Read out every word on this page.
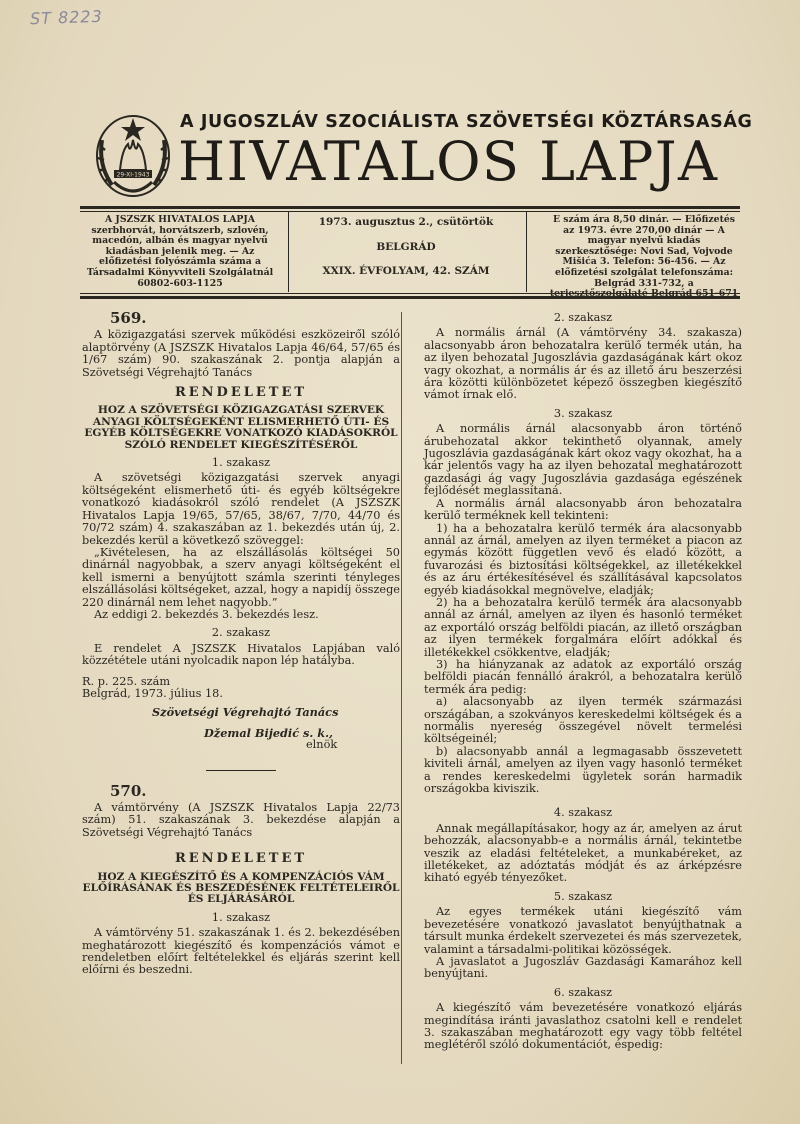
ST 8223
29-XI-1943
A JUGOSZLÁV SZOCIÁLISTA SZÖVETSÉGI KÖZTÁRSASÁG
HIVATALOS LAPJA
A JSZSZK HIVATALOS LAPJA szerbhorvát, horvátszerb, szlovén, macedón, albán és magyar nyelvű kiadásban jelenik meg. — Az előfizetési folyószámla száma a Társadalmi Könyvviteli Szolgálatnál 60802-603-1125
1973. augusztus 2., csütörtök
BELGRÁD
XXIX. ÉVFOLYAM, 42. SZÁM
E szám ára 8,50 dinár. — Előfizetés az 1973. évre 270,00 dinár — A magyar nyelvű kiadás szerkesztősége: Novi Sad, Vojvode Mišića 3. Telefon: 56-456. — Az előfizetési szolgálat telefonszáma: Belgrád 331-732, a
569.

A közigazgatási szervek működési eszközeiről szóló alaptörvény (A JSZSZK Hivatalos Lapja 46/64, 57/65 és 1/67 szám) 90. szakaszának 2. pontja alapján a Szövetségi Végrehajtó Tanács

RENDELETET
HOZ A SZÖVETSÉGI KÖZIGAZGATÁSI SZERVEK ANYAGI KÖLTSÉGEKÉNT ELISMERHETŐ ÚTI- ÉS EGYÉB KÖLTSÉGEKRE VONATKOZÓ KIADÁSOKRÓL SZÓLÓ RENDELET KIEGÉSZÍTÉSÉRŐL
1. szakasz

A szövetségi közigazgatási szervek anyagi költségeként elismerhető úti- és egyéb költségekre vonatkozó kiadásokról szóló rendelet (A JSZSZK Hivatalos Lapja 19/65, 57/65, 38/67, 7/70, 44/70 és 70/72 szám) 4. szakaszában az 1. bekezdés után új, 2. bekezdés kerül a következő szöveggel:

„Kivételesen, ha az elszállásolás költségei 50 dinárnál nagyobbak, a szerv anyagi költségeként el kell ismerni a benyújtott számla szerinti tényleges elszállásolási költségeket, azzal, hogy a napidíj összege 220 dinárnál nem lehet nagyobb.”

Az eddigi 2. bekezdés 3. bekezdés lesz.

2. szakasz

E rendelet A JSZSZK Hivatalos Lapjában való közzététele utáni nyolcadik napon lép hatályba.

R. p. 225. szám

Belgrád, 1973. július 18.

Szövetségi Végrehajtó Tanács
Džemal Bijedić s. k.,
elnök
570.

A vámtörvény (A JSZSZK Hivatalos Lapja 22/73 szám) 51. szakaszának 3. bekezdése alapján a Szövetségi Végrehajtó Tanács

RENDELETET
HOZ A KIEGÉSZÍTŐ ÉS A KOMPENZÁCIÓS VÁM ELŐÍRÁSÁNAK ÉS BESZEDÉSÉNEK FELTÉTELEIRŐL ÉS ELJÁRÁSÁRÓL
1. szakasz

A vámtörvény 51. szakaszának 1. és 2. bekezdésében meghatározott kiegészítő és kompenzációs vámot e rendeletben előírt feltételekkel és eljárás szerint kell előírni és beszedni.

2. szakasz

A normális árnál (A vámtörvény 34. szakasza) alacsonyabb áron behozatalra kerülő termék után, ha az ilyen behozatal Jugoszlávia gazdaságának kárt okoz vagy okozhat, a normális ár és az illető áru beszerzési ára közötti különbözetet képező összegben kiegészítő vámot írnak elő.

3. szakasz

A normális árnál alacsonyabb áron történő árubehozatal akkor tekinthető olyannak, amely Jugoszlávia gazdaságának kárt okoz vagy okozhat, ha a kár jelentős vagy ha az ilyen behozatal meghatározott gazdasági ág vagy Jugoszlávia gazdasága egészének fejlődését meglassítaná.

A normális árnál alacsonyabb áron behozatalra kerülő terméknek kell tekinteni:

1) ha a behozatalra kerülő termék ára alacsonyabb annál az árnál, amelyen az ilyen terméket a piacon az egymás között független vevő és eladó között, a fuvarozási és biztosítási költségekkel, az illetékekkel és az áru értékesítésével és szállításával kapcsolatos egyéb kiadásokkal megnövelve, eladják;

2) ha a behozatalra kerülő termék ára alacsonyabb annál az árnál, amelyen az ilyen és hasonló terméket az exportáló ország belföldi piacán, az illető országban az ilyen termékek forgalmára előírt adókkal és illetékekkel csökkentve, eladják;

3) ha hiányzanak az adatok az exportáló ország belföldi piacán fennálló árakról, a behozatalra kerülő termék ára pedig:

a) alacsonyabb az ilyen termék származási országában, a szokványos kereskedelmi költségek és a normális nyereség összegével növelt termelési költségeinél;

b) alacsonyabb annál a legmagasabb összevetett kiviteli árnál, amelyen az ilyen vagy hasonló terméket a rendes kereskedelmi ügyletek során harmadik országokba kiviszik.

4. szakasz

Annak megállapításakor, hogy az ár, amelyen az árut behozzák, alacsonyabb-e a normális árnál, tekintetbe veszik az eladási feltételeket, a munkabéreket, az illetékeket, az adóztatás módját és az árképzésre kiható egyéb tényezőket.

5. szakasz

Az egyes termékek utáni kiegészítő vám bevezetésére vonatkozó javaslatot benyújthatnak a társult munka érdekelt szervezetei és más szervezetek, valamint a társadalmi-politikai közösségek.

A javaslatot a Jugoszláv Gazdasági Kamarához kell benyújtani.

6. szakasz

A kiegészítő vám bevezetésére vonatkozó eljárás megindítása iránti javaslathoz csatolni kell e rendelet 3. szakaszában meghatározott egy vagy több feltétel meglétéről szóló dokumentációt, éspedig:
